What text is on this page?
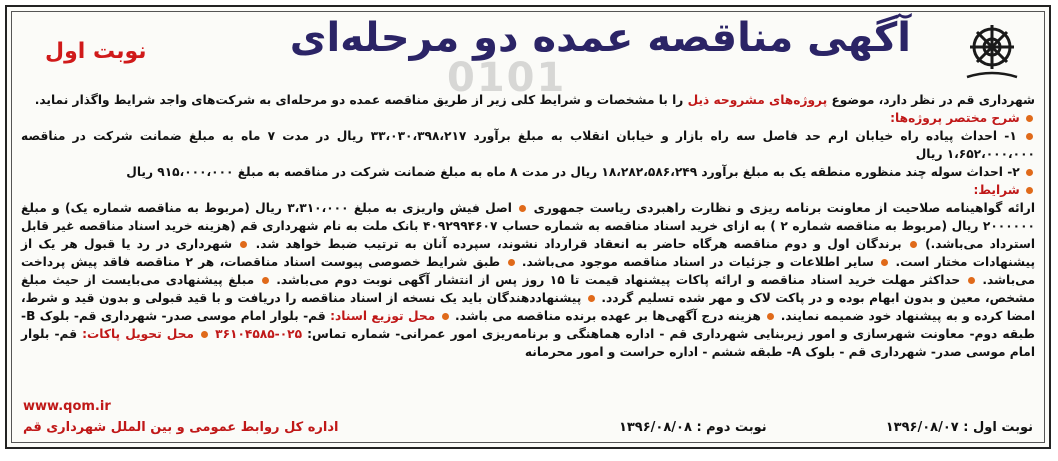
0101
آگهی مناقصه عمده دو مرحله‌ای
نوبت اول

شهرداری قم در نظر دارد، موضوع پروژه‌های مشروحه ذیل را با مشخصات و شرایط کلی زیر از طریق مناقصه عمده دو مرحله‌ای به شرکت‌های واجد شرایط واگذار نماید.

شرح مختصر پروژه‌ها:

۱- احداث پیاده راه خیابان ارم حد فاصل سه راه بازار و خیابان انقلاب به مبلغ برآورد ۳۳،۰۳۰،۳۹۸،۲۱۷ ریال در مدت ۷ ماه به مبلغ ضمانت شرکت در مناقصه ۱،۶۵۲،۰۰۰،۰۰۰ ریال

۲- احداث سوله چند منظوره منطقه یک به مبلغ برآورد ۱۸،۲۸۲،۵۸۶،۲۴۹ ریال در مدت ۸ ماه به مبلغ ضمانت شرکت در مناقصه به مبلغ ۹۱۵،۰۰۰،۰۰۰ ریال

شرایط:

ارائه گواهینامه صلاحیت از معاونت برنامه ریزی و نظارت راهبردی ریاست جمهوری  اصل فیش واریزی به مبلغ ۳،۳۱۰،۰۰۰ ریال (مربوط به مناقصه شماره یک) و مبلغ ۲۰۰۰۰۰۰ ریال (مربوط به مناقصه شماره ۲ ) به ازای خرید اسناد مناقصه به شماره حساب ۴۰۹۲۹۹۴۶۰۷ بانک ملت به نام شهرداری قم (هزینه خرید اسناد مناقصه غیر قابل استرداد می‌باشد.)  برندگان اول و دوم مناقصه هرگاه حاضر به انعقاد قرارداد نشوند، سپرده آنان به ترتیب ضبط خواهد شد.  شهرداری در رد یا قبول هر یک از پیشنهادات مختار است.  سایر اطلاعات و جزئیات در اسناد مناقصه موجود می‌باشد.  طبق شرایط خصوصی پیوست اسناد مناقصات، هر ۲ مناقصه فاقد پیش پرداخت می‌باشد.  حداکثر مهلت خرید اسناد مناقصه و ارائه پاکات پیشنهاد قیمت تا ۱۵ روز پس از انتشار آگهی نوبت دوم می‌باشد.  مبلغ پیشنهادی می‌بایست از حیث مبلغ مشخص، معین و بدون ابهام بوده و در پاکت لاک و مهر شده تسلیم گردد.  پیشنهاددهندگان باید یک نسخه از اسناد مناقصه را دریافت و با قید قبولی و بدون قید و شرط، امضا کرده و به پیشنهاد خود ضمیمه نمایند.  هزینه درج آگهی‌ها بر عهده برنده مناقصه می باشد.  محل توزیع اسناد: قم- بلوار امام موسی صدر- شهرداری قم- بلوک B- طبقه دوم- معاونت شهرسازی و امور زیربنایی شهرداری قم - اداره هماهنگی و برنامه‌ریزی امور عمرانی- شماره تماس: ۰۲۵-۳۶۱۰۴۵۸۵  محل تحویل پاکات: قم- بلوار امام موسی صدر- شهرداری قم - بلوک A- طبقه ششم - اداره حراست و امور محرمانه

نوبت اول : ۱۳۹۶/۰۸/۰۷  نوبت دوم : ۱۳۹۶/۰۸/۰۸
www.qom.ir
اداره کل روابط عمومی و بین الملل شهرداری قم
